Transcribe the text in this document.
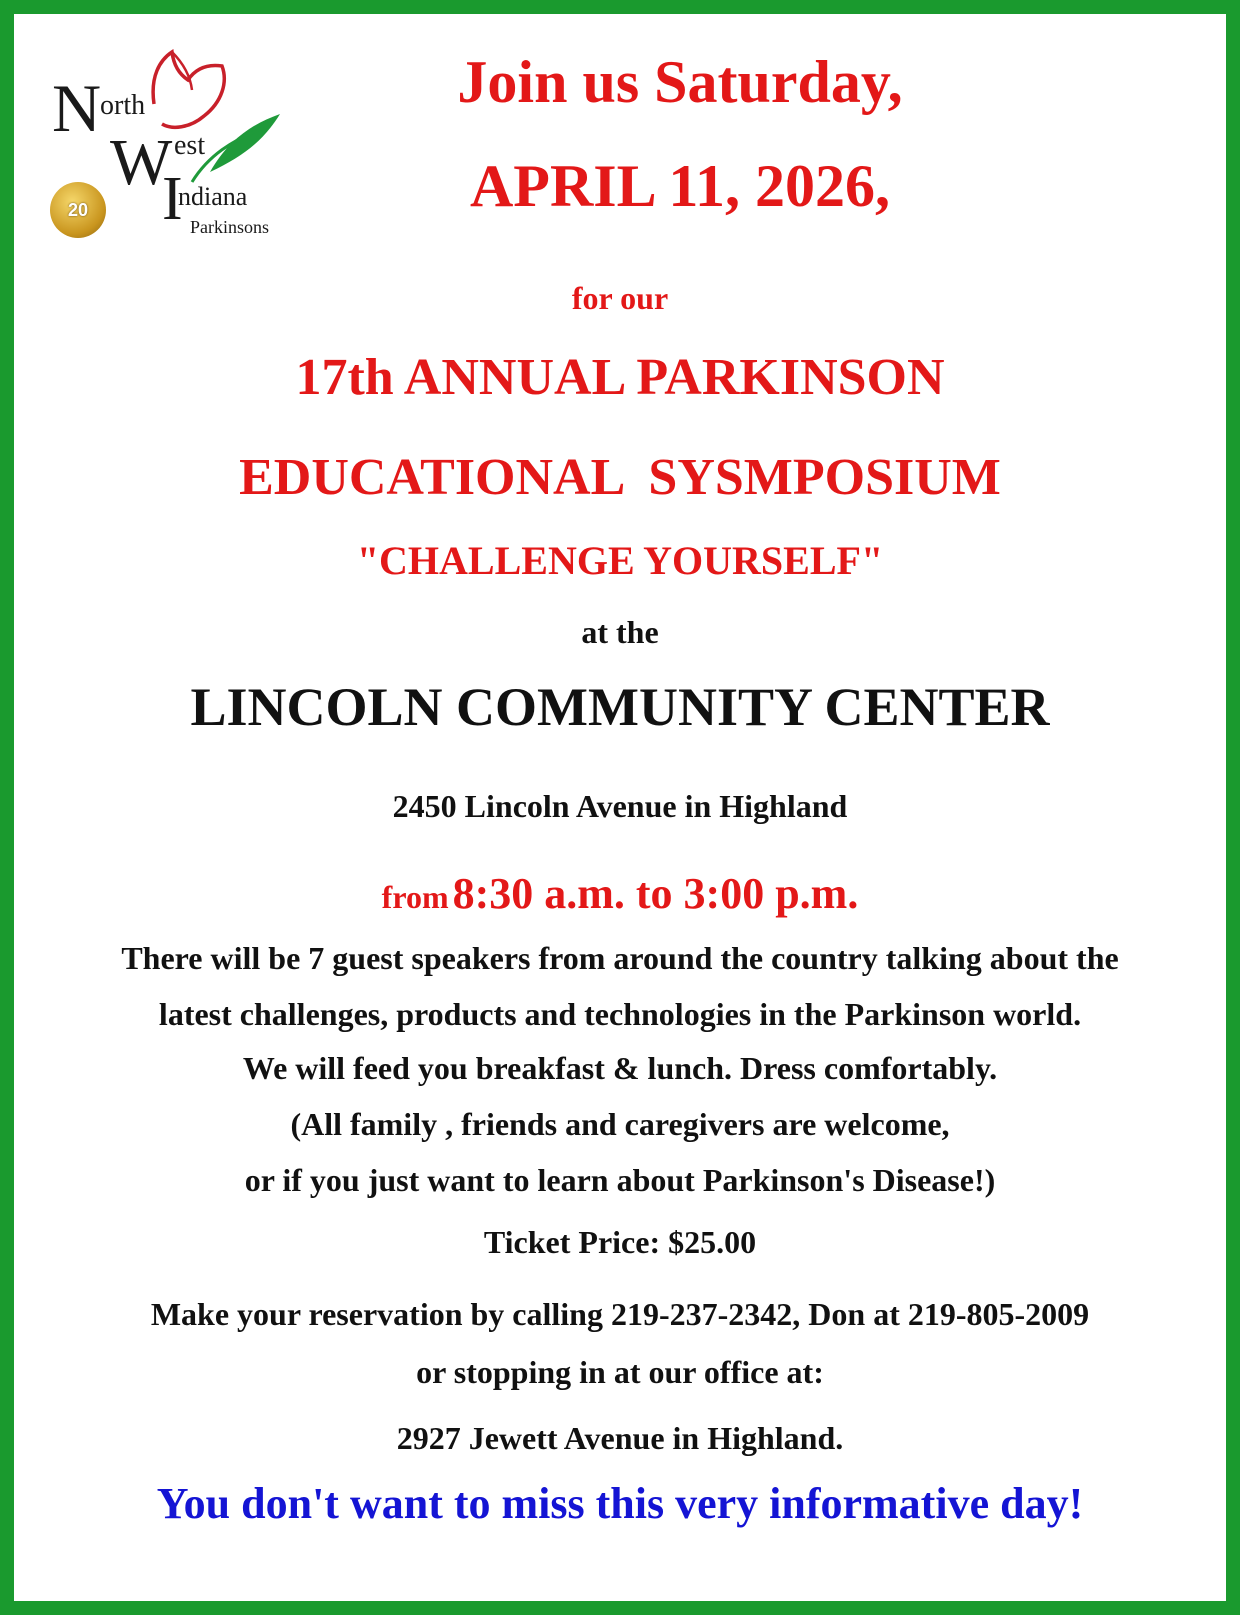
N
orth
W est
I
ndiana
Parkinsons
20
Join us Saturday,
APRIL 11, 2026,
for our
17th ANNUAL PARKINSON
EDUCATIONAL  SYSMPOSIUM
"CHALLENGE YOURSELF"
at the
LINCOLN COMMUNITY CENTER
2450 Lincoln Avenue in Highland
from 8:30 a.m. to 3:00 p.m.
There will be 7 guest speakers from around the country talking about the
latest challenges, products and technologies in the Parkinson world.
We will feed you breakfast & lunch. Dress comfortably.
(All family , friends and caregivers are welcome,
or if you just want to learn about Parkinson's Disease!)
Ticket Price: $25.00
Make your reservation by calling 219-237-2342, Don at 219-805-2009
or stopping in at our office at:
2927 Jewett Avenue in Highland.
You don't want to miss this very informative day!
